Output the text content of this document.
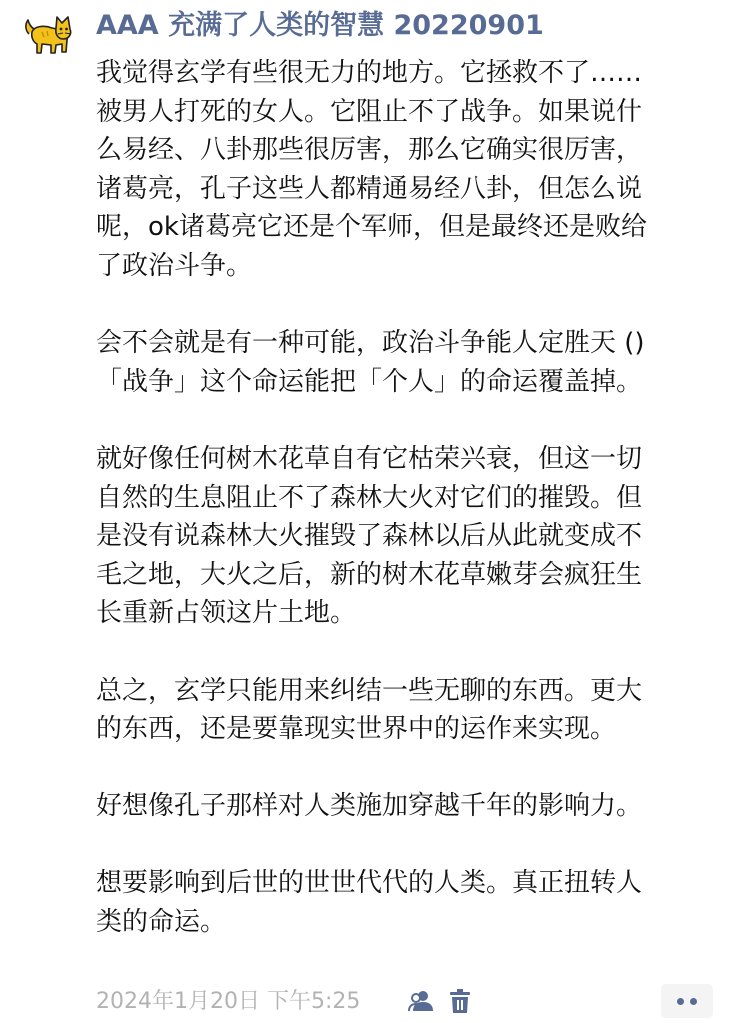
AAA 充满了人类的智慧 20220901

我觉得玄学有些很无力的地方。它拯救不了……
被男人打死的女人。它阻止不了战争。如果说什
么易经、八卦那些很厉害，那么它确实很厉害，
诸葛亮，孔子这些人都精通易经八卦，但怎么说
呢，ok诸葛亮它还是个军师，但是最终还是败给
了政治斗争。

会不会就是有一种可能，政治斗争能人定胜天 ()
「战争」这个命运能把「个人」的命运覆盖掉。

就好像任何树木花草自有它枯荣兴衰，但这一切
自然的生息阻止不了森林大火对它们的摧毁。但
是没有说森林大火摧毁了森林以后从此就变成不
毛之地，大火之后，新的树木花草嫩芽会疯狂生
长重新占领这片土地。

总之，玄学只能用来纠结一些无聊的东西。更大
的东西，还是要靠现实世界中的运作来实现。

好想像孔子那样对人类施加穿越千年的影响力。

想要影响到后世的世世代代的人类。真正扭转人
类的命运。

2024年1月20日 下午5:25
